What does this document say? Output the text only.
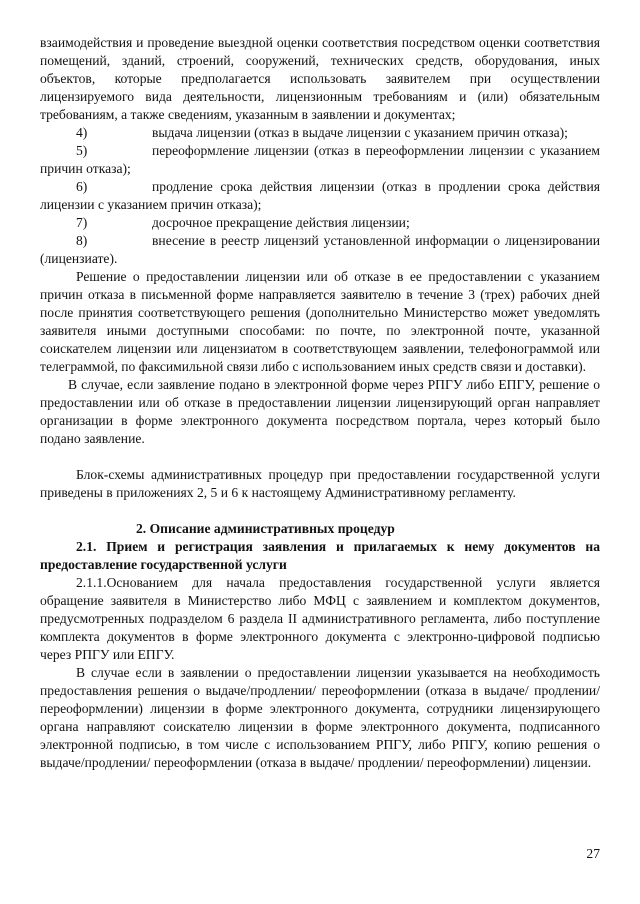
взаимодействия и проведение выездной оценки соответствия посредством оценки соответствия помещений, зданий, строений, сооружений, технических средств, оборудования, иных объектов, которые предполагается использовать заявителем при осуществлении лицензируемого вида деятельности, лицензионным требованиям и (или) обязательным требованиям, а также сведениям, указанным в заявлении и документах;

4)	выдача лицензии (отказ в выдаче лицензии с указанием причин отказа);
5)	переоформление лицензии (отказ в переоформлении лицензии с указанием причин отказа);
6)	продление срока действия лицензии (отказ в продлении срока действия лицензии с указанием причин отказа);
7)	досрочное прекращение действия лицензии;
8)	внесение в реестр лицензий установленной информации о лицензировании (лицензиате).

Решение о предоставлении лицензии или об отказе в ее предоставлении с указанием причин отказа в письменной форме направляется заявителю в течение 3 (трех) рабочих дней после принятия соответствующего решения (дополнительно Министерство может уведомлять заявителя иными доступными способами: по почте, по электронной почте, указанной соискателем лицензии или лицензиатом в соответствующем заявлении, телефонограммой или телеграммой, по факсимильной связи либо с использованием иных средств связи и доставки).

В случае, если заявление подано в электронной форме через РПГУ либо ЕПГУ, решение о предоставлении или об отказе в предоставлении лицензии лицензирующий орган направляет организации в форме электронного документа посредством портала, через который было подано заявление.

Блок-схемы административных процедур при предоставлении государственной услуги приведены в приложениях 2, 5 и 6 к настоящему Административному регламенту.

2. Описание административных процедур

2.1. Прием и регистрация заявления и прилагаемых к нему документов на предоставление государственной услуги

2.1.1.Основанием для начала предоставления государственной услуги является обращение заявителя в Министерство либо МФЦ с заявлением и комплектом документов, предусмотренных подразделом 6 раздела II административного регламента, либо поступление комплекта документов в форме электронного документа с электронно-цифровой подписью через РПГУ или ЕПГУ.

В случае если в заявлении о предоставлении лицензии указывается на необходимость предоставления решения о выдаче/продлении/ переоформлении (отказа в выдаче/ продлении/ переоформлении) лицензии в форме электронного документа, сотрудники лицензирующего органа направляют соискателю лицензии в форме электронного документа, подписанного электронной подписью, в том числе с использованием РПГУ, либо РПГУ, копию решения о выдаче/продлении/ переоформлении (отказа в выдаче/ продлении/ переоформлении) лицензии.

27
